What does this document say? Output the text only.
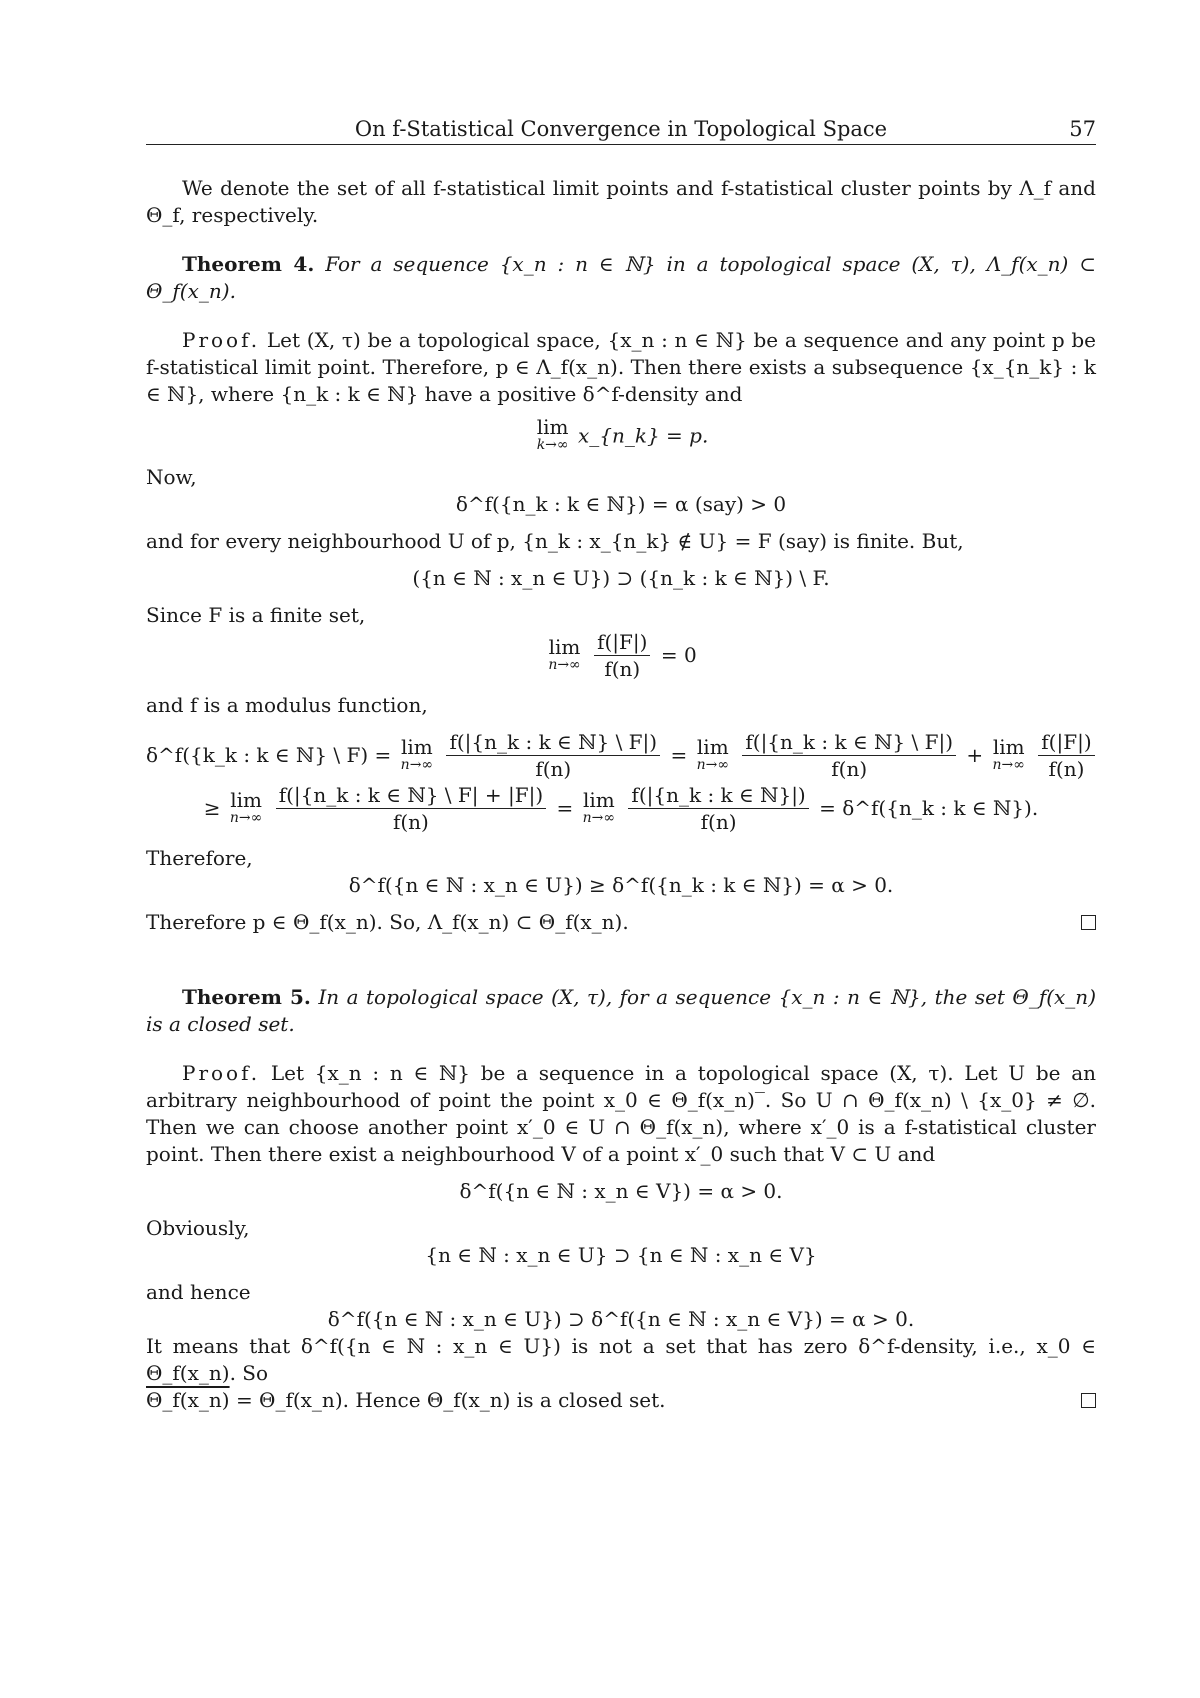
On f-Statistical Convergence in Topological Space	57

We denote the set of all f-statistical limit points and f-statistical cluster points by Λ_f and Θ_f, respectively.

Theorem 4. For a sequence {x_n : n ∈ ℕ} in a topological space (X, τ), Λ_f(x_n) ⊂ Θ_f(x_n).

Proof. Let (X, τ) be a topological space, {x_n : n ∈ ℕ} be a sequence and any point p be f-statistical limit point. Therefore, p ∈ Λ_f(x_n). Then there exists a subsequence {x_{n_k} : k ∈ ℕ}, where {n_k : k ∈ ℕ} have a positive δ^f-density and

lim
k→∞ x_{n_k} = p.

Now,

δ^f({n_k : k ∈ ℕ}) = α (say) > 0

and for every neighbourhood U of p, {n_k : x_{n_k} ∉ U} = F (say) is finite. But,

({n ∈ ℕ : x_n ∈ U}) ⊃ ({n_k : k ∈ ℕ}) \ F.

Since F is a finite set,

lim
n→∞
$\frac{f(|F|)}{f(n)} = 0$

and f is a modulus function,

δ^f({k_k : k ∈ ℕ} \ F) = lim
n→∞
$\frac{\text{f(|\{n\_k : k ∈ ℕ\} \textbackslash{} F|)}}{f(n)} = \lim$
n→∞
$\frac{\text{f(|\{n\_k : k ∈ ℕ\} \textbackslash{} F|)}}{f(n)} + \lim$
n→∞
$\frac{f(|F|)}{f(n)}$
≥ lim
n→∞
$\frac{\text{f(|\{n\_k : k ∈ ℕ\} \textbackslash{} F| + |F|)}}{f(n)} = \lim$
n→∞
$\frac{\text{f(|\{n\_k : k ∈ ℕ\}|)}}{f(n)}$ = δ^f({n_k : k ∈ ℕ}).

Therefore,

δ^f({n ∈ ℕ : x_n ∈ U}) ≥ δ^f({n_k : k ∈ ℕ}) = α > 0.

Therefore p ∈ Θ_f(x_n). So, Λ_f(x_n) ⊂ Θ_f(x_n).

Theorem 5. In a topological space (X, τ), for a sequence {x_n : n ∈ ℕ}, the set Θ_f(x_n) is a closed set.

Proof. Let {x_n : n ∈ ℕ} be a sequence in a topological space (X, τ). Let U be an arbitrary neighbourhood of point the point x_0 ∈ Θ_f(x_n)‾. So U ∩ Θ_f(x_n) \ {x_0} ≠ ∅. Then we can choose another point x′_0 ∈ U ∩ Θ_f(x_n), where x′_0 is a f-statistical cluster point. Then there exist a neighbourhood V of a point x′_0 such that V ⊂ U and

δ^f({n ∈ ℕ : x_n ∈ V}) = α > 0.

Obviously,

{n ∈ ℕ : x_n ∈ U} ⊃ {n ∈ ℕ : x_n ∈ V}

and hence

δ^f({n ∈ ℕ : x_n ∈ U}) ⊃ δ^f({n ∈ ℕ : x_n ∈ V}) = α > 0.

It means that δ^f({n ∈ ℕ : x_n ∈ U}) is not a set that has zero δ^f-density, i.e., x_0 ∈ Θ_f(x_n). So

Θ_f(x_n) = Θ_f(x_n). Hence Θ_f(x_n) is a closed set.
